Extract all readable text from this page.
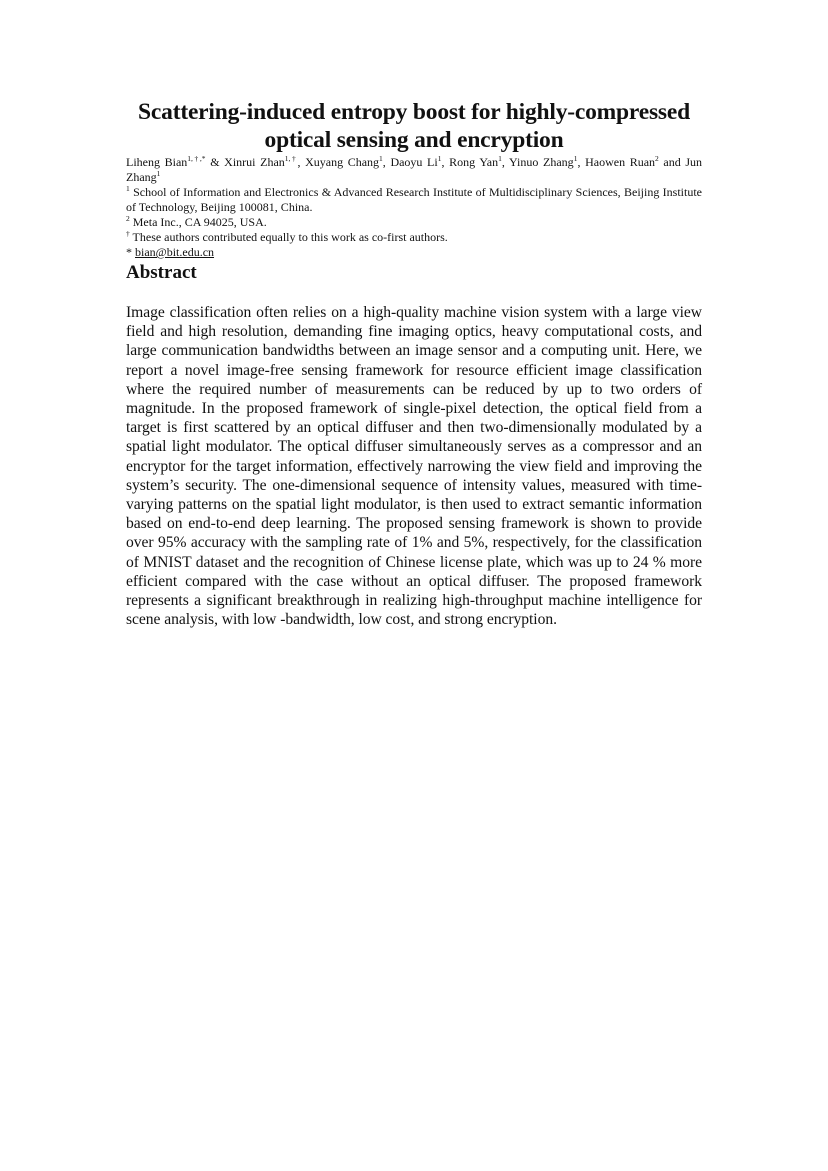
Scattering-induced entropy boost for highly-compressed optical sensing and encryption
Liheng Bian$^{1,\dagger,*}$ & Xinrui Zhan$^{1,\dagger}$, Xuyang Chang$^1$, Daoyu Li$^1$, Rong Yan$^1$, Yinuo Zhang$^1$, Haowen Ruan$^2$ and Jun Zhang$^1$
$^1$ School of Information and Electronics & Advanced Research Institute of Multidisciplinary Sciences, Beijing Institute of Technology, Beijing 100081, China.
$^2$ Meta Inc., CA 94025, USA.
† These authors contributed equally to this work as co-first authors.
* bian@bit.edu.cn
Abstract

Image classification often relies on a high-quality machine vision system with a large view field and high resolution, demanding fine imaging optics, heavy computational costs, and large communication bandwidths between an image sensor and a computing unit. Here, we report a novel image-free sensing framework for resource efficient image classification where the required number of measurements can be reduced by up to two orders of magnitude. In the proposed framework of single-pixel detection, the optical field from a target is first scattered by an optical diffuser and then two-dimensionally modulated by a spatial light modulator. The optical diffuser simultaneously serves as a compressor and an encryptor for the target information, effectively narrowing the view field and improving the system’s security. The one-dimensional sequence of intensity values, measured with time-varying patterns on the spatial light modulator, is then used to extract semantic information based on end-to-end deep learning. The proposed sensing framework is shown to provide over 95% accuracy with the sampling rate of 1% and 5%, respectively, for the classification of MNIST dataset and the recognition of Chinese license plate, which was up to 24 % more efficient compared with the case without an optical diffuser. The proposed framework represents a significant breakthrough in realizing high-throughput machine intelligence for scene analysis, with low -bandwidth, low cost, and strong encryption.
